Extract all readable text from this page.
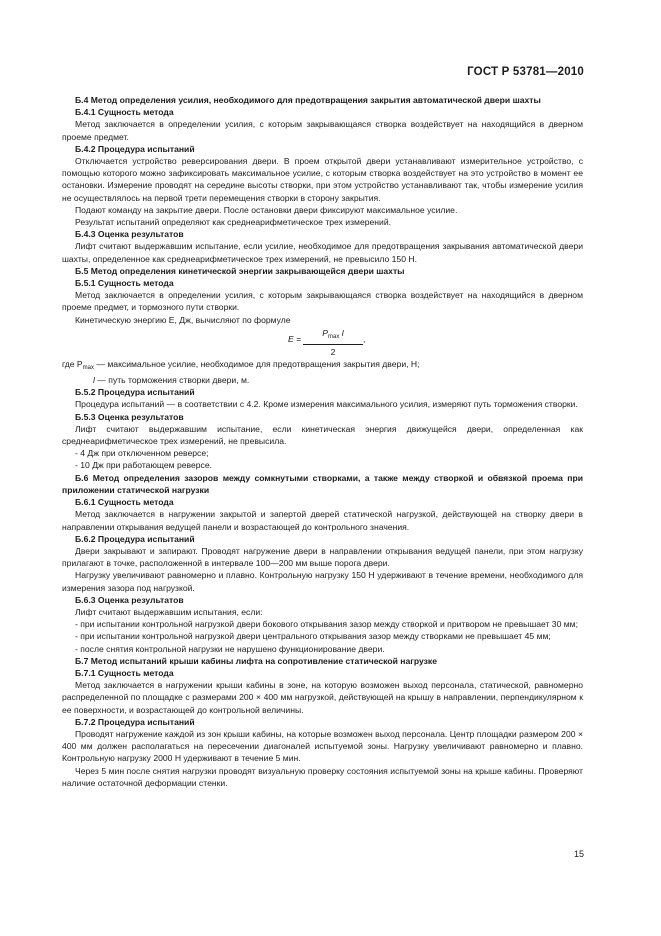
ГОСТ Р 53781—2010

Б.4 Метод определения усилия, необходимого для предотвращения закрытия автоматической двери шахты

Б.4.1 Сущность метода

Метод заключается в определении усилия, с которым закрывающаяся створка воздействует на находящийся в дверном проеме предмет.

Б.4.2 Процедура испытаний

Отключается устройство реверсирования двери. В проем открытой двери устанавливают измерительное устройство, с помощью которого можно зафиксировать максимальное усилие, с которым створка воздействует на это устройство в момент ее остановки. Измерение проводят на середине высоты створки, при этом устройство устанавливают так, чтобы измерение усилия не осуществлялось на первой трети перемещения створки в сторону закрытия.

Подают команду на закрытие двери. После остановки двери фиксируют максимальное усилие.

Результат испытаний определяют как среднеарифметическое трех измерений.

Б.4.3 Оценка результатов

Лифт считают выдержавшим испытание, если усилие, необходимое для предотвращения закрывания автоматической двери шахты, определенное как среднеарифметическое трех измерений, не превысило 150 Н.

Б.5 Метод определения кинетической энергии закрывающейся двери шахты

Б.5.1 Сущность метода

Метод заключается в определении усилия, с которым закрывающаяся створка воздействует на находящийся в дверном проеме предмет, и тормозного пути створки.

Кинетическую энергию E, Дж, вычисляют по формуле

E =
$P_{max}$ l
2
,

где $P_{max}$ — максимальное усилие, необходимое для предотвращения закрытия двери, Н;

l — путь торможения створки двери, м.

Б.5.2 Процедура испытаний

Процедура испытаний — в соответствии с 4.2. Кроме измерения максимального усилия, измеряют путь торможения створки.

Б.5.3 Оценка результатов

Лифт считают выдержавшим испытание, если кинетическая энергия движущейся двери, определенная как среднеарифметическое трех измерений, не превысила.

- 4 Дж при отключенном реверсе;

- 10 Дж при работающем реверсе.

Б.6 Метод определения зазоров между сомкнутыми створками, а также между створкой и обвязкой проема при приложении статической нагрузки

Б.6.1 Сущность метода

Метод заключается в нагружении закрытой и запертой дверей статической нагрузкой, действующей на створку двери в направлении открывания ведущей панели и возрастающей до контрольного значения.

Б.6.2 Процедура испытаний

Двери закрывают и запирают. Проводят нагружение двери в направлении открывания ведущей панели, при этом нагрузку прилагают в точке, расположенной в интервале 100—200 мм выше порога двери.

Нагрузку увеличивают равномерно и плавно. Контрольную нагрузку 150 Н удерживают в течение времени, необходимого для измерения зазора под нагрузкой.

Б.6.3 Оценка результатов

Лифт считают выдержавшим испытания, если:

- при испытании контрольной нагрузкой двери бокового открывания зазор между створкой и притвором не превышает 30 мм;

- при испытании контрольной нагрузкой двери центрального открывания зазор между створками не превышает 45 мм;

- после снятия контрольной нагрузки не нарушено функционирование двери.

Б.7 Метод испытаний крыши кабины лифта на сопротивление статической нагрузке

Б.7.1 Сущность метода

Метод заключается в нагружении крыши кабины в зоне, на которую возможен выход персонала, статической, равномерно распределенной по площадке с размерами 200 × 400 мм нагрузкой, действующей на крышу в направлении, перпендикулярном к ее поверхности, и возрастающей до контрольной величины.

Б.7.2 Процедура испытаний

Проводят нагружение каждой из зон крыши кабины, на которые возможен выход персонала. Центр площадки размером 200 × 400 мм должен располагаться на пересечении диагоналей испытуемой зоны. Нагрузку увеличивают равномерно и плавно. Контрольную нагрузку 2000 Н удерживают в течение 5 мин.

Через 5 мин после снятия нагрузки проводят визуальную проверку состояния испытуемой зоны на крыше кабины. Проверяют наличие остаточной деформации стенки.

15
